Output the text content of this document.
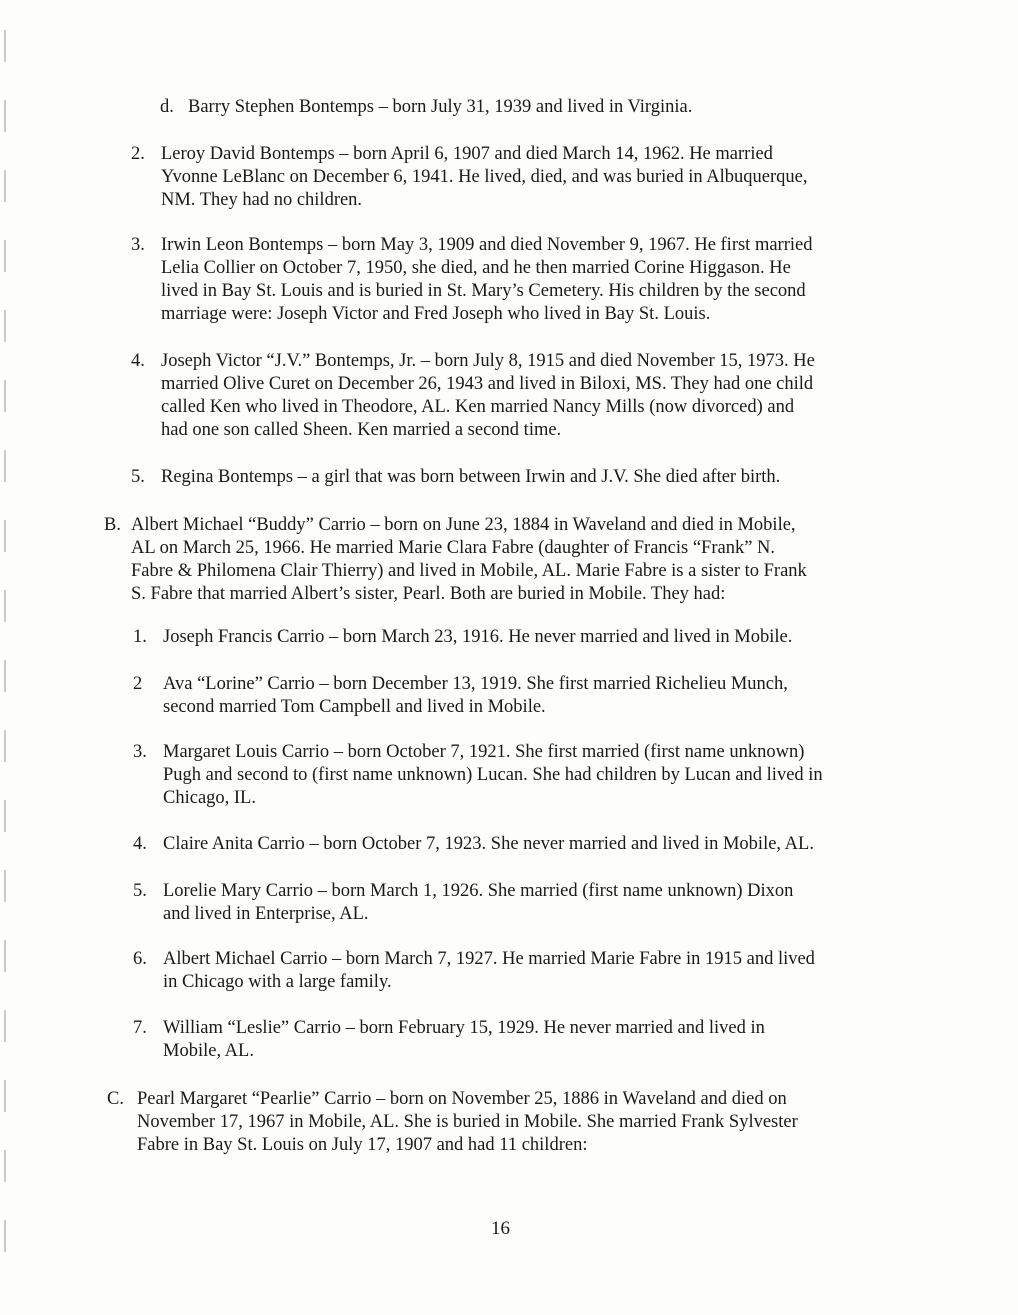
d. Barry Stephen Bontemps – born July 31, 1939 and lived in Virginia.
2. Leroy David Bontemps – born April 6, 1907 and died March 14, 1962. He married
Yvonne LeBlanc on December 6, 1941. He lived, died, and was buried in Albuquerque,
NM. They had no children.
3. Irwin Leon Bontemps – born May 3, 1909 and died November 9, 1967. He first married
Lelia Collier on October 7, 1950, she died, and he then married Corine Higgason. He
lived in Bay St. Louis and is buried in St. Mary’s Cemetery. His children by the second
marriage were: Joseph Victor and Fred Joseph who lived in Bay St. Louis.
4. Joseph Victor “J.V.” Bontemps, Jr. – born July 8, 1915 and died November 15, 1973. He
married Olive Curet on December 26, 1943 and lived in Biloxi, MS. They had one child
called Ken who lived in Theodore, AL. Ken married Nancy Mills (now divorced) and
had one son called Sheen. Ken married a second time.
5. Regina Bontemps – a girl that was born between Irwin and J.V. She died after birth.
B. Albert Michael “Buddy” Carrio – born on June 23, 1884 in Waveland and died in Mobile,
AL on March 25, 1966. He married Marie Clara Fabre (daughter of Francis “Frank” N.
Fabre & Philomena Clair Thierry) and lived in Mobile, AL. Marie Fabre is a sister to Frank
S. Fabre that married Albert’s sister, Pearl. Both are buried in Mobile. They had:
1. Joseph Francis Carrio – born March 23, 1916. He never married and lived in Mobile.
2 Ava “Lorine” Carrio – born December 13, 1919. She first married Richelieu Munch,
second married Tom Campbell and lived in Mobile.
3. Margaret Louis Carrio – born October 7, 1921. She first married (first name unknown)
Pugh and second to (first name unknown) Lucan. She had children by Lucan and lived in
Chicago, IL.
4. Claire Anita Carrio – born October 7, 1923. She never married and lived in Mobile, AL.
5. Lorelie Mary Carrio – born March 1, 1926. She married (first name unknown) Dixon
and lived in Enterprise, AL.
6. Albert Michael Carrio – born March 7, 1927. He married Marie Fabre in 1915 and lived
in Chicago with a large family.
7. William “Leslie” Carrio – born February 15, 1929. He never married and lived in
Mobile, AL.
C. Pearl Margaret “Pearlie” Carrio – born on November 25, 1886 in Waveland and died on
November 17, 1967 in Mobile, AL. She is buried in Mobile. She married Frank Sylvester
Fabre in Bay St. Louis on July 17, 1907 and had 11 children:
16
